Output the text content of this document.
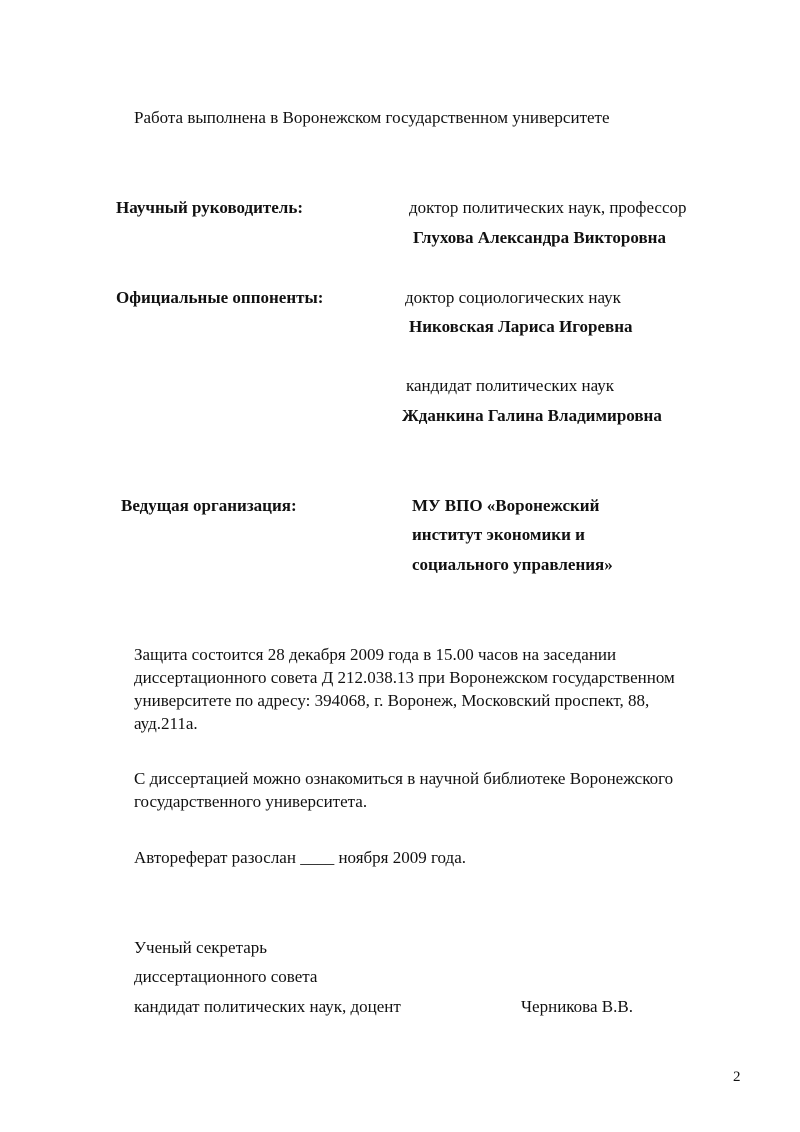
Работа выполнена в Воронежском государственном университете
Научный руководитель:	доктор политических наук, профессор
Глухова Александра Викторовна
Официальные оппоненты:	доктор социологических наук
Никовская Лариса Игоревна
кандидат политических наук
Жданкина Галина Владимировна
Ведущая организация:	МУ ВПО «Воронежский
институт экономики и
социального управления»
Защита состоится 28 декабря 2009 года в 15.00 часов на заседании
диссертационного совета Д 212.038.13 при Воронежском государственном
университете по адресу: 394068, г. Воронеж, Московский проспект, 88,
ауд.211а.
С диссертацией можно ознакомиться в научной библиотеке Воронежского
государственного университета.
Автореферат разослан ____ ноября 2009 года.
Ученый секретарь
диссертационного совета
кандидат политических наук, доцент	Черникова В.В.
2
